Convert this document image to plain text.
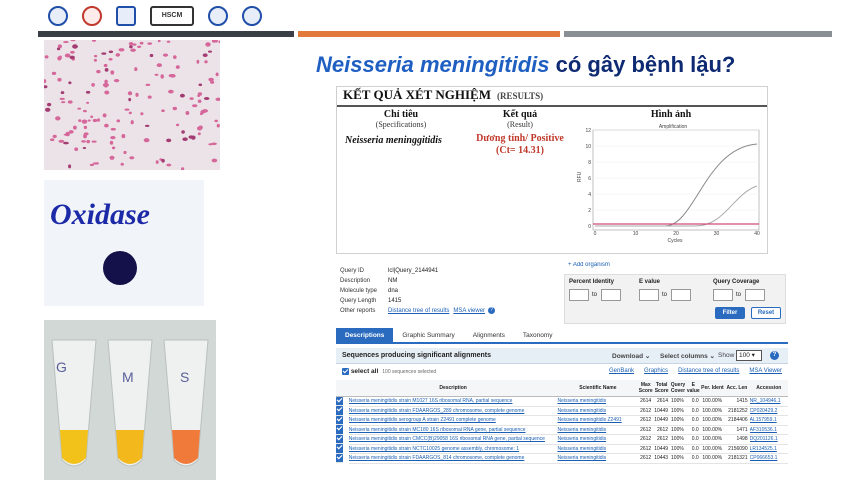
HSCM
Oxidase
G
M	S
Neisseria meningitidis có gây bệnh lậu?
KẾT QUẢ XÉT NGHIỆM (RESULTS)
Chỉ tiêu
(Specifications)
Neisseria meninggitidis
Kết quả
(Result)
Dương tính/ Positive
(Ct= 14.31)
Hình ảnh
Amplification
0
2
4
6
8
10
12
0	10	20	30	40
Cycles
RFU
Query ID	lcl|Query_2144941
Description	NM
Molecule type	dna
Query Length	1415
Other reports	Distance tree of results MSA viewer	?
+ Add organism
Percent Identity	E value	Query Coverage
to	to	to
Filter	Reset
Descriptions	Graphic Summary	Alignments	Taxonomy
Sequences producing significant alignments	Download ⌄ Select columns ⌄ Show 100 ▾	?
select all 100 sequences selected	GenBank Graphics Distance tree of results MSA Viewer
	Description	Scientific Name	Max Score	Total Score	Query Cover	E value	Per. Ident	Acc. Len	Accession
Neisseria meningitidis strain M1027 16S ribosomal RNA, partial sequence	Neisseria meningitidis	2614	2614	100%	0.0	100.00%	1415	NR_104946.1
Neisseria meningitidis strain FDAARGOS_289 chromosome, complete genome	Neisseria meningitidis	2612	10449	100%	0.0	100.00%	2181252	CP020429.2
Neisseria meningitidis serogroup A strain Z2491 complete genome	Neisseria meningitidis Z2491	2612	10449	100%	0.0	100.00%	2184406	AL157959.1
Neisseria meningitidis strain MC180 16S ribosomal RNA gene, partial sequence	Neisseria meningitidis	2612	2612	100%	0.0	100.00%	1471	AF310536.1
Neisseria meningitidis strain CMCC(B)29058 16S ribosomal RNA gene, partial sequence	Neisseria meningitidis	2612	2612	100%	0.0	100.00%	1498	DQ201126.1
Neisseria meningitidis strain NCTC10025 genome assembly, chromosome: 1	Neisseria meningitidis	2612	10449	100%	0.0	100.00%	2156090	LR134525.1
Neisseria meningitidis strain FDAARGOS_814 chromosome, complete genome	Neisseria meningitidis	2612	10443	100%	0.0	100.00%	2181321	CP066653.1
